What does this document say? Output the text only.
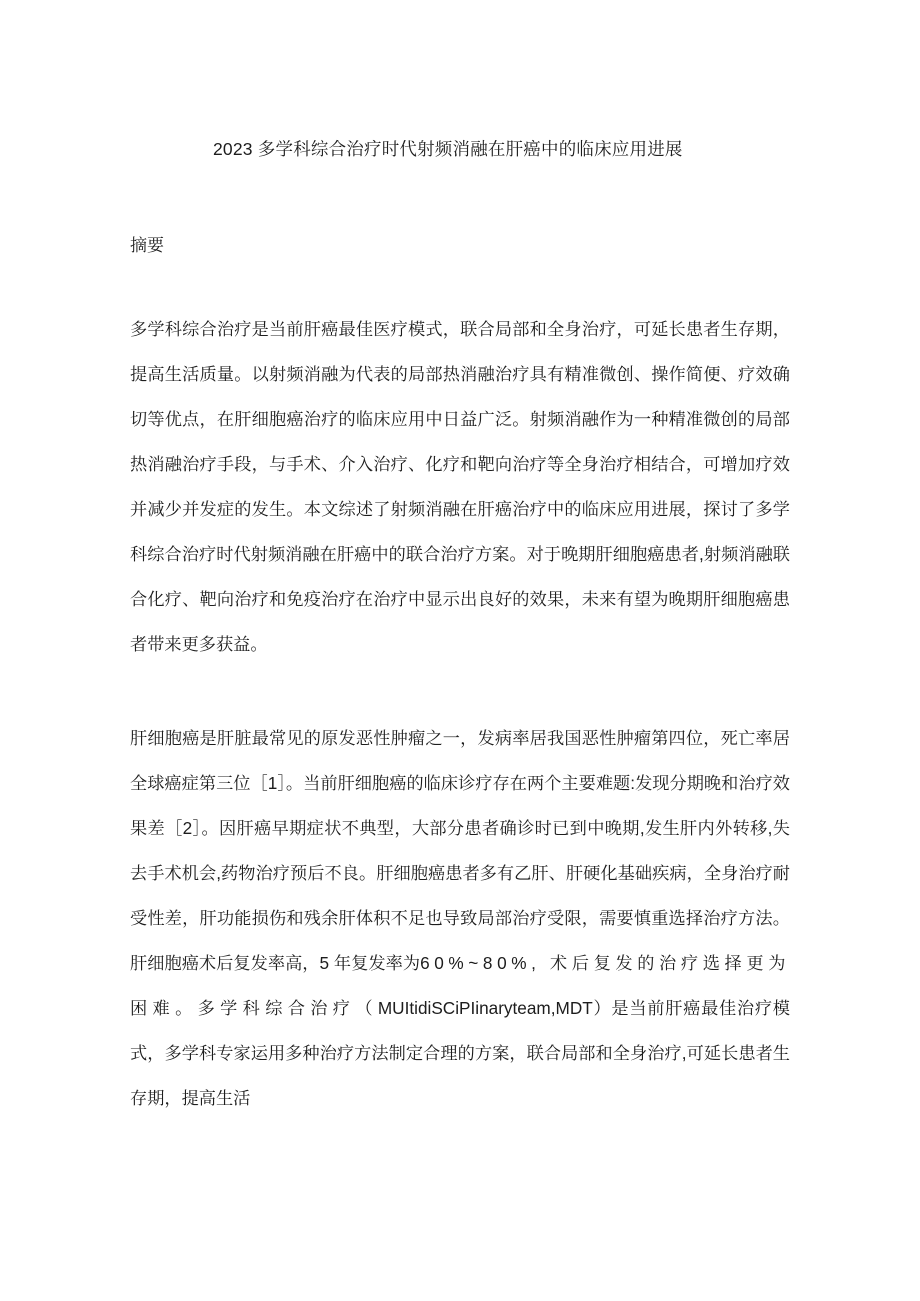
2023 多学科综合治疗时代射频消融在肝癌中的临床应用进展
摘要

多学科综合治疗是当前肝癌最佳医疗模式，联合局部和全身治疗，可延长患者生存期，提高生活质量。以射频消融为代表的局部热消融治疗具有精准微创、操作简便、疗效确切等优点，在肝细胞癌治疗的临床应用中日益广泛。射频消融作为一种精准微创的局部热消融治疗手段，与手术、介入治疗、化疗和靶向治疗等全身治疗相结合，可增加疗效并减少并发症的发生。本文综述了射频消融在肝癌治疗中的临床应用进展，探讨了多学科综合治疗时代射频消融在肝癌中的联合治疗方案。对于晚期肝细胞癌患者,射频消融联合化疗、靶向治疗和免疫治疗在治疗中显示出良好的效果，未来有望为晚期肝细胞癌患者带来更多获益。

肝细胞癌是肝脏最常见的原发恶性肿瘤之一，发病率居我国恶性肿瘤第四位，死亡率居全球癌症第三位［1］。当前肝细胞癌的临床诊疗存在两个主要难题:发现分期晚和治疗效果差［2］。因肝癌早期症状不典型，大部分患者确诊时已到中晚期,发生肝内外转移,失去手术机会,药物治疗预后不良。肝细胞癌患者多有乙肝、肝硬化基础疾病，全身治疗耐受性差，肝功能损伤和残余肝体积不足也导致局部治疗受限，需要慎重选择治疗方法。肝细胞癌术后复发率高，5 年复发率为60%~80%, 术后复发的治疗选择更为困难。多学科综合治疗（MUItidiSCiPIinaryteam,MDT）是当前肝癌最佳治疗模式，多学科专家运用多种治疗方法制定合理的方案，联合局部和全身治疗,可延长患者生存期，提高生活
